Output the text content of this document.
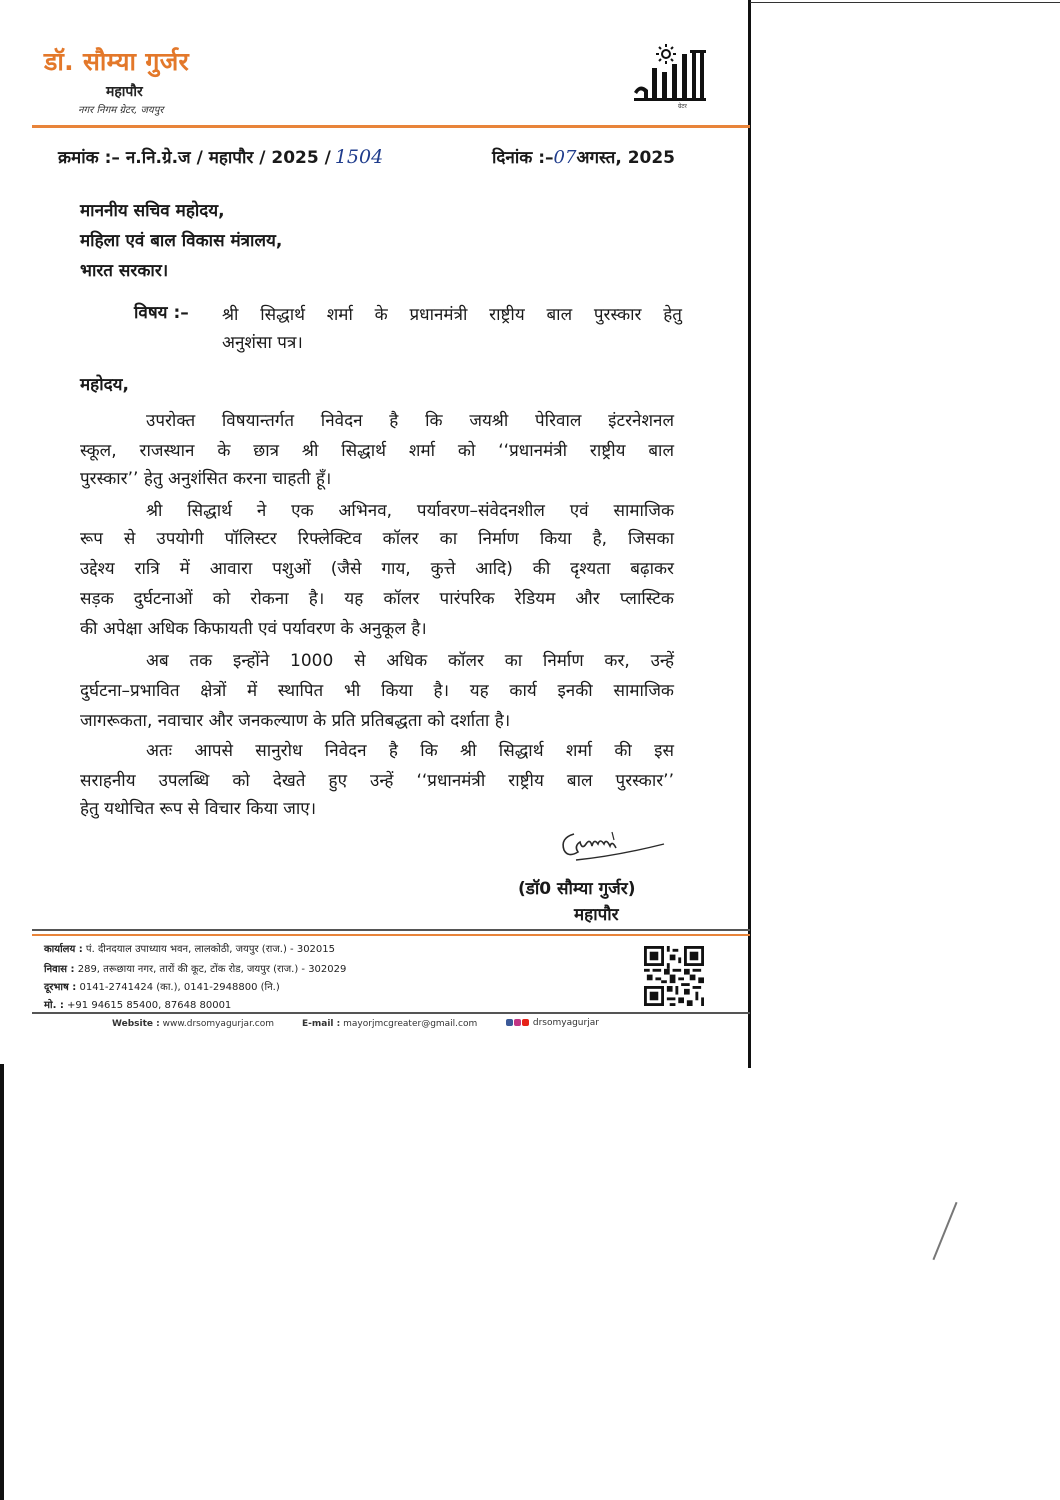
डॉ. सौम्या गुर्जर
महापौर
नगर निगम ग्रेटर, जयपुर	ग्रेटर
क्रमांक :– न.नि.ग्रे.ज / महापौर / 2025 / 1504	दिनांक :–07अगस्त, 2025
माननीय सचिव महोदय,
महिला एवं बाल विकास मंत्रालय,
भारत सरकार।
विषय :– श्री सिद्धार्थ शर्मा के प्रधानमंत्री राष्ट्रीय बाल पुरस्कार हेतु
अनुशंसा पत्र।
महोदय,
उपरोक्त विषयान्तर्गत निवेदन है कि जयश्री पेरिवाल इंटरनेशनल
स्कूल, राजस्थान के छात्र श्री सिद्धार्थ शर्मा को ‘‘प्रधानमंत्री राष्ट्रीय बाल
पुरस्कार’’ हेतु अनुशंसित करना चाहती हूँ।
श्री सिद्धार्थ ने एक अभिनव, पर्यावरण–संवेदनशील एवं सामाजिक
रूप से उपयोगी पॉलिस्टर रिफ्लेक्टिव कॉलर का निर्माण किया है, जिसका
उद्देश्य रात्रि में आवारा पशुओं (जैसे गाय, कुत्ते आदि) की दृश्यता बढ़ाकर
सड़क दुर्घटनाओं को रोकना है। यह कॉलर पारंपरिक रेडियम और प्लास्टिक
की अपेक्षा अधिक किफायती एवं पर्यावरण के अनुकूल है।
अब तक इन्होंने 1000 से अधिक कॉलर का निर्माण कर, उन्हें
दुर्घटना–प्रभावित क्षेत्रों में स्थापित भी किया है। यह कार्य इनकी सामाजिक
जागरूकता, नवाचार और जनकल्याण के प्रति प्रतिबद्धता को दर्शाता है।
अतः आपसे सानुरोध निवेदन है कि श्री सिद्धार्थ शर्मा की इस
सराहनीय उपलब्धि को देखते हुए उन्हें ‘‘प्रधानमंत्री राष्ट्रीय बाल पुरस्कार’’
हेतु यथोचित रूप से विचार किया जाए।
(डॉ0 सौम्या गुर्जर)
महापौर
कार्यालय : पं. दीनदयाल उपाध्याय भवन, लालकोठी, जयपुर (राज.) - 302015
निवास : 289, तरूछाया नगर, तारों की कूट, टोंक रोड, जयपुर (राज.) - 302029
दूरभाष : 0141-2741424 (का.), 0141-2948800 (नि.)
मो. : +91 94615 85400, 87648 80001
Website : www.drsomyagurjar.com	E-mail : mayorjmcgreater@gmail.com	drsomyagurjar
